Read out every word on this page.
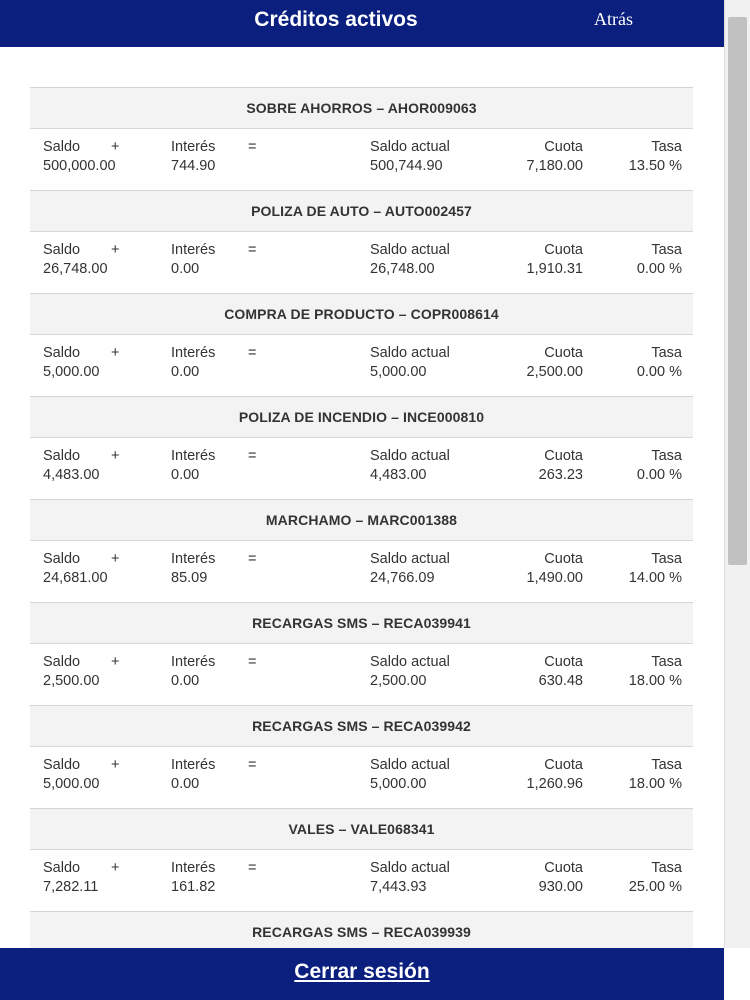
Créditos activos	Atrás
SOBRE AHORROS – AHOR009063
Saldo +	Interés =	Saldo actual	Cuota	Tasa
500,000.00	744.90	500,744.90	7,180.00	13.50 %
POLIZA DE AUTO – AUTO002457
Saldo +	Interés =	Saldo actual	Cuota	Tasa
26,748.00	0.00	26,748.00	1,910.31	0.00 %
COMPRA DE PRODUCTO – COPR008614
Saldo +	Interés =	Saldo actual	Cuota	Tasa
5,000.00	0.00	5,000.00	2,500.00	0.00 %
POLIZA DE INCENDIO – INCE000810
Saldo +	Interés =	Saldo actual	Cuota	Tasa
4,483.00	0.00	4,483.00	263.23	0.00 %
MARCHAMO – MARC001388
Saldo +	Interés =	Saldo actual	Cuota	Tasa
24,681.00	85.09	24,766.09	1,490.00	14.00 %
RECARGAS SMS – RECA039941
Saldo +	Interés =	Saldo actual	Cuota	Tasa
2,500.00	0.00	2,500.00	630.48	18.00 %
RECARGAS SMS – RECA039942
Saldo +	Interés =	Saldo actual	Cuota	Tasa
5,000.00	0.00	5,000.00	1,260.96	18.00 %
VALES – VALE068341
Saldo +	Interés =	Saldo actual	Cuota	Tasa
7,282.11	161.82	7,443.93	930.00	25.00 %
RECARGAS SMS – RECA039939
Cerrar sesión
